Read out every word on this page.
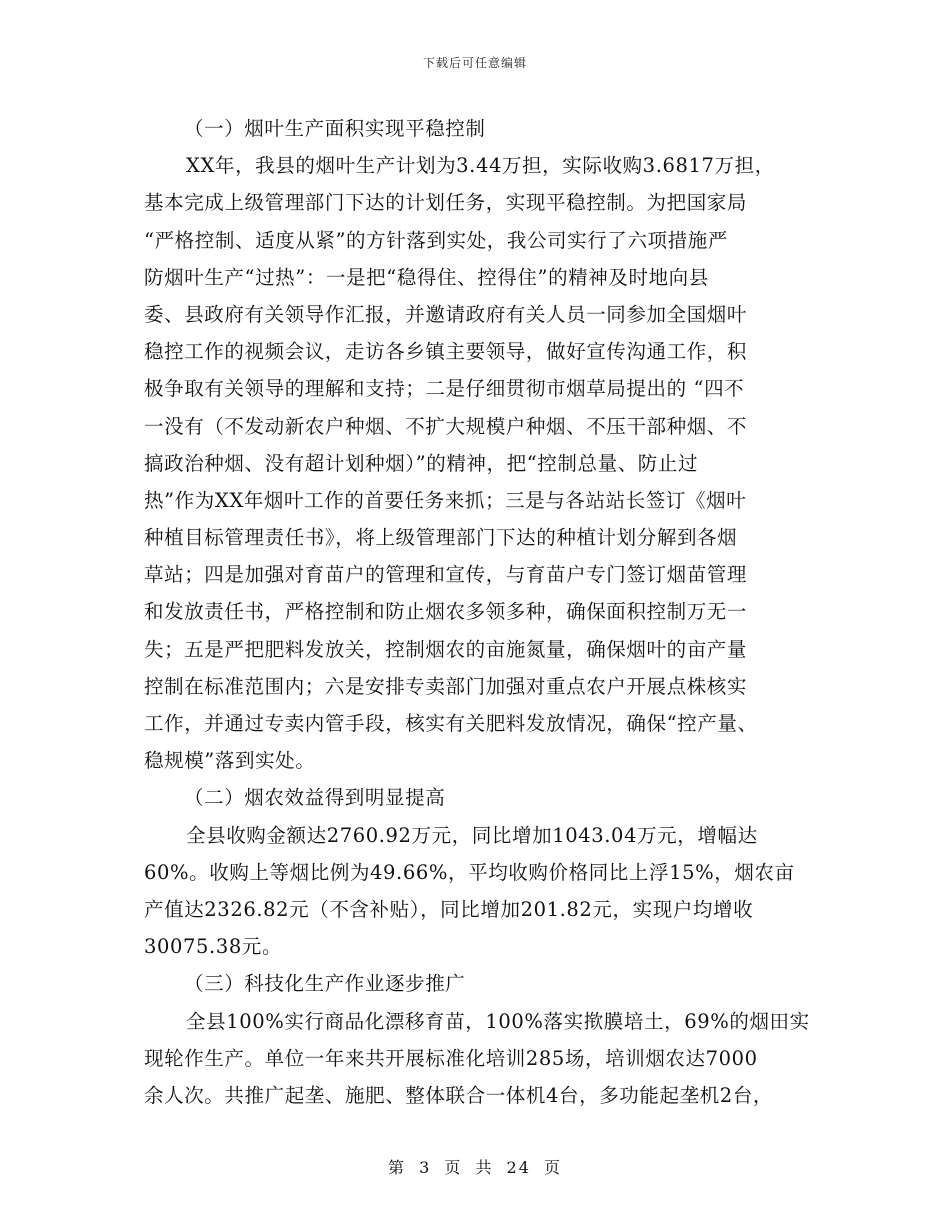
下载后可任意编辑
（一）烟叶生产面积实现平稳控制
XX年，我县的烟叶生产计划为3.44万担，实际收购3.6817万担，
基本完成上级管理部门下达的计划任务，实现平稳控制。为把国家局
“严格控制、适度从紧”的方针落到实处，我公司实行了六项措施严
防烟叶生产“过热”：一是把“稳得住、控得住”的精神及时地向县
委、县政府有关领导作汇报，并邀请政府有关人员一同参加全国烟叶
稳控工作的视频会议，走访各乡镇主要领导，做好宣传沟通工作，积
极争取有关领导的理解和支持；二是仔细贯彻市烟草局提出的 “四不
一没有（不发动新农户种烟、不扩大规模户种烟、不压干部种烟、不
搞政治种烟、没有超计划种烟）”的精神，把“控制总量、防止过
热”作为XX年烟叶工作的首要任务来抓；三是与各站站长签订《烟叶
种植目标管理责任书》，将上级管理部门下达的种植计划分解到各烟
草站；四是加强对育苗户的管理和宣传，与育苗户专门签订烟苗管理
和发放责任书，严格控制和防止烟农多领多种，确保面积控制万无一
失；五是严把肥料发放关，控制烟农的亩施氮量，确保烟叶的亩产量
控制在标准范围内；六是安排专卖部门加强对重点农户开展点株核实
工作，并通过专卖内管手段，核实有关肥料发放情况，确保“控产量、
稳规模”落到实处。
（二）烟农效益得到明显提高
全县收购金额达2760.92万元，同比增加1043.04万元，增幅达
60%。收购上等烟比例为49.66%，平均收购价格同比上浮15%，烟农亩
产值达2326.82元（不含补贴），同比增加201.82元，实现户均增收
30075.38元。
（三）科技化生产作业逐步推广
全县100%实行商品化漂移育苗，100%落实揿膜培土，69%的烟田实
现轮作生产。单位一年来共开展标准化培训285场，培训烟农达7000
余人次。共推广起垄、施肥、整体联合一体机4台，多功能起垄机2台，
第 3 页 共 24 页
